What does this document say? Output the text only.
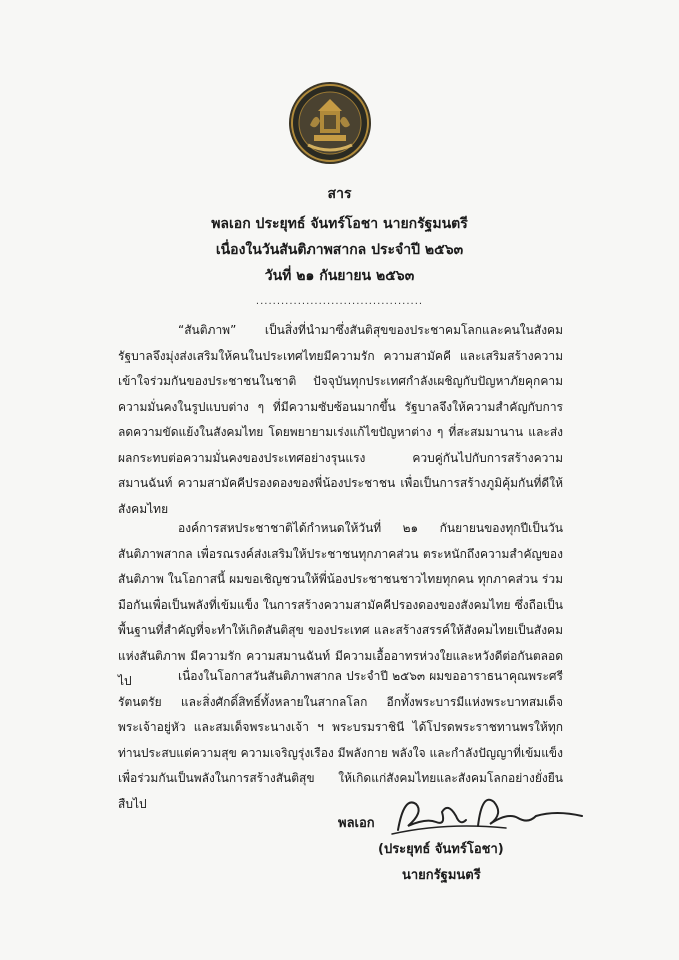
สาร
พลเอก ประยุทธ์ จันทร์โอชา นายกรัฐมนตรี
เนื่องในวันสันติภาพสากล ประจำปี ๒๕๖๓
วันที่ ๒๑ กันยายน ๒๕๖๓
........................................

“สันติภาพ” เป็นสิ่งที่นำมาซึ่งสันติสุขของประชาคมโลกและคนในสังคม รัฐบาลจึงมุ่งส่งเสริมให้คนในประเทศไทยมีความรัก ความสามัคคี และเสริมสร้างความเข้าใจร่วมกันของประชาชนในชาติ ปัจจุบันทุกประเทศกำลังเผชิญกับปัญหาภัยคุกคามความมั่นคงในรูปแบบต่าง ๆ ที่มีความซับซ้อนมากขึ้น รัฐบาลจึงให้ความสำคัญกับการลดความขัดแย้งในสังคมไทย โดยพยายามเร่งแก้ไขปัญหาต่าง ๆ ที่สะสมมานาน และส่งผลกระทบต่อความมั่นคงของประเทศอย่างรุนแรง ควบคู่กันไปกับการสร้างความสมานฉันท์ ความสามัคคีปรองดองของพี่น้องประชาชน เพื่อเป็นการสร้างภูมิคุ้มกันที่ดีให้สังคมไทย

องค์การสหประชาชาติได้กำหนดให้วันที่ ๒๑ กันยายนของทุกปีเป็นวันสันติภาพสากล เพื่อรณรงค์ส่งเสริมให้ประชาชนทุกภาคส่วน ตระหนักถึงความสำคัญของสันติภาพ ในโอกาสนี้ ผมขอเชิญชวนให้พี่น้องประชาชนชาวไทยทุกคน ทุกภาคส่วน ร่วมมือกันเพื่อเป็นพลังที่เข้มแข็ง ในการสร้างความสามัคคีปรองดองของสังคมไทย ซึ่งถือเป็นพื้นฐานที่สำคัญที่จะทำให้เกิดสันติสุข ของประเทศ และสร้างสรรค์ให้สังคมไทยเป็นสังคมแห่งสันติภาพ มีความรัก ความสมานฉันท์ มีความเอื้ออาทรห่วงใยและหวังดีต่อกันตลอดไป	เนื่องในโอกาสวันสันติภาพสากล ประจำปี ๒๕๖๓ ผมขออาราธนาคุณพระศรีรัตนตรัย และสิ่งศักดิ์สิทธิ์ทั้งหลายในสากลโลก อีกทั้งพระบารมีแห่งพระบาทสมเด็จพระเจ้าอยู่หัว และสมเด็จพระนางเจ้า ฯ พระบรมราชินี ได้โปรดพระราชทานพรให้ทุกท่านประสบแต่ความสุข ความเจริญรุ่งเรือง มีพลังกาย พลังใจ และกำลังปัญญาที่เข้มแข็ง เพื่อร่วมกันเป็นพลังในการสร้างสันติสุข ให้เกิดแก่สังคมไทยและสังคมโลกอย่างยั่งยืนสืบไป

พลเอก
(ประยุทธ์ จันทร์โอชา)
นายกรัฐมนตรี
